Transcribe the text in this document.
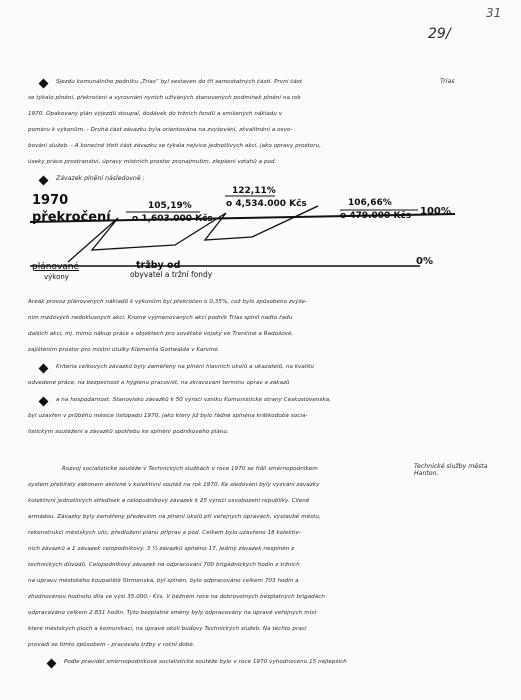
29/
31
Sjezdu komunálního podniku „Trias“ byl sestaven do tří samostatných částí. První část	Trias
se týkalo plnění, překročení a vyrovnání nyních užíváných stanovených podmínek plnění na rok
1970. Opakovaný plán výjezdů stoupal, dodávek do tržních fondů a smíšených nákladu v
poměru k výkonům. - Druhá část závazku byla orientována na zvyšování, zkvalitnění a osvo-
bování služeb. - A konečně třetí část závazku se týkala nejvíce jednotlivých akcí, jako opravy prostoru,
úseky práce prostranství, úpravy místních prostor pronajmutím, zlepšení vztahů a pod.
Závazek plnění následovně :
1970
překročení
plánované
výkony
tržby od
obyvatel a tržní fondy
0%
100%
105,19%
o 1,603.000 Kčs
122,11%
o 4,534.000 Kčs	106,66%
o 479.000 Kčs
Aréák provoz plánovaných nákladů k výkonům byl překročen o 0,35%, což bylo způsobeno zvýše-
ním mzdových nedoklusných akcí. Kromě vyjmenovaných akcí podnik Trias splnil nadto řadu
dalších akcí, mj. mimo nákup práce s objektech pro sovětské vojsky ve Trenčíně a Radošově,
zajištěním prostor pro místní útulky Klementa Gottwalda v Karviné.
Kritéria celkových závazků byly zaměřeny na plnění hlavních úkolů a ukazatelů, na kvalitu
odvedené práce, na bezpečnost a hygienu pracovišť, na zkracování termínu oprav a zákazů
a na hospodárnost. Stanovisko závazků k 50 výročí vzniku Komunistické strany Československa,
byl uzavřen v průběhu měsíce listopadu 1970, jako který již bylo řádně splněna krátkodobá socia-
listickým soutěžení a závazků spotřebu ke splnění podnikového plánu.
Rozvoj socialistické soutěže v Technických službách v roce 1970 se řídil směrnopodnikem	Technické služby města Hanton.
systém přebíraly zákonem aktivně v kolektivní soutěž na rok 1970. Ke sledování byly vyzváni závazky
kolektivní jednotlivých středisek a celopodnikový závazek k 25 výročí osvobození republiky. Cíleně
armádou. Závazky byly zaměřeny především na plnění úkolů při veřejných úpravách, výstavbě městu,
rekonstrukci městských ulic, předložení plánu příprav a pod. Celkem bylo uzavřeno 18 kolektiv-
ních závazků a 1 závazek celopodnikový. 3 ½ závazků splněno 17, jediný závazek nesplněn z
technických důvodů. Celopodnikový závazek na odpracování 700 brigádnických hodin z tržních
na úpravu městského koupaliště Strmenská, byl splněn, bylo odpracováno celkem 703 hodin a
zhodnocenou hodnotu díla ve výši 35.000,- Kčs. V běžném roce na dobrovolných bezplatných brigádách
odpracováno celkem 2.831 hodin. Tyto bezplatné směny byly odpracovány na úpravě veřejných míst
které městských ploch a komunikací, na úpravě okolí budovy Technických služeb. Na těchto prací
provádí se tímto způsobem - pracovalo tržby v roční době.
Podle pravidel směrnopodnikové socialistické soutěže bylo v roce 1970 vyhodnoceno 15 nejlepších
